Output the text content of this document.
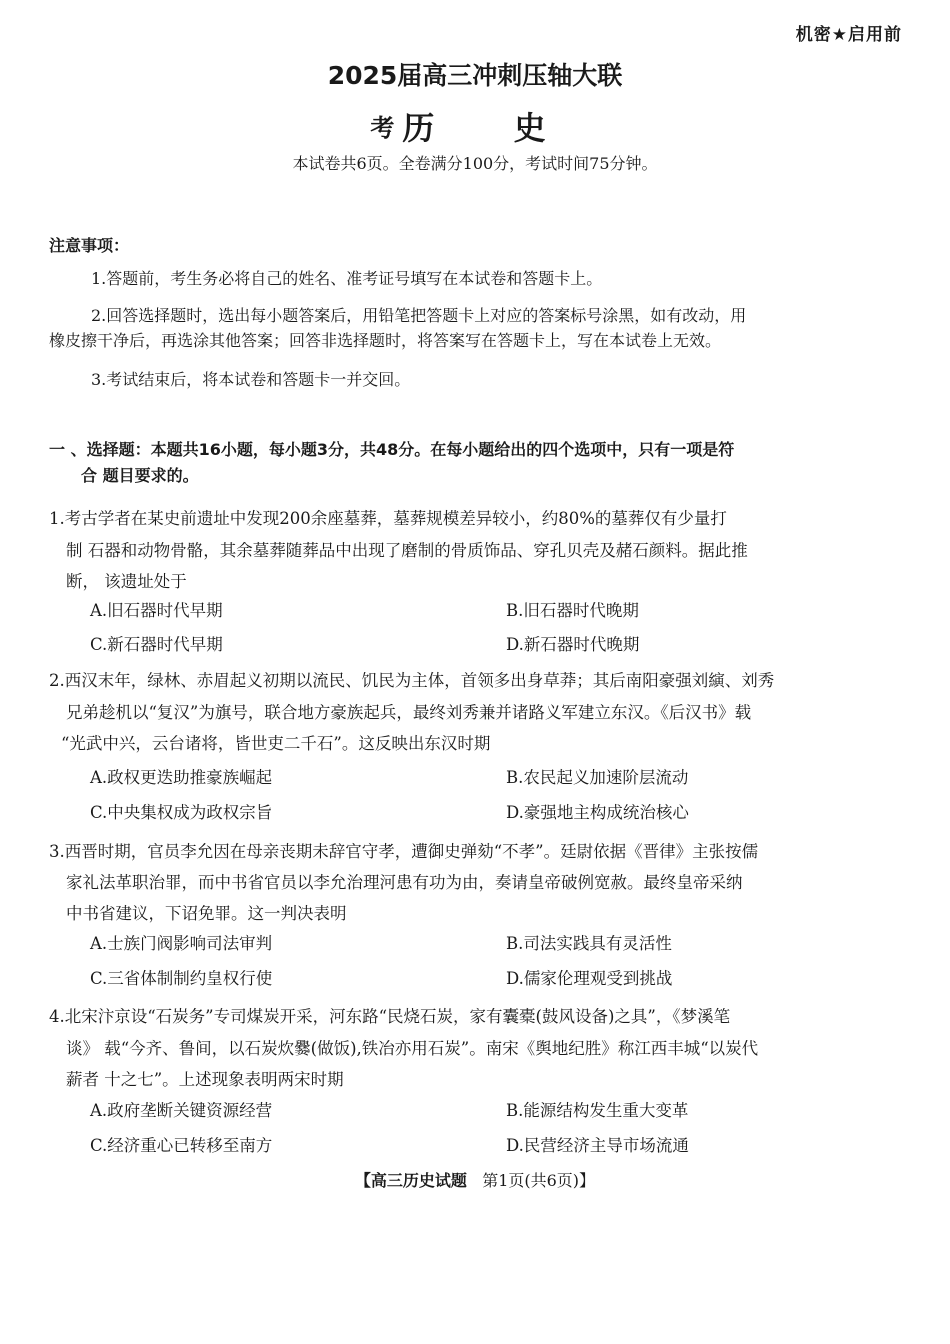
机密★启用前
2025届高三冲刺压轴大联
考 历 史
本试卷共6页。全卷满分100分，考试时间75分钟。
注意事项：
1.答题前，考生务必将自己的姓名、准考证号填写在本试卷和答题卡上。
2.回答选择题时，选出每小题答案后，用铅笔把答题卡上对应的答案标号涂黑，如有改动，用
橡皮擦干净后，再选涂其他答案；回答非选择题时，将答案写在答题卡上，写在本试卷上无效。
3.考试结束后，将本试卷和答题卡一并交回。
一 、选择题：本题共16小题，每小题3分，共48分。在每小题给出的四个选项中，只有一项是符
合 题目要求的。
1.考古学者在某史前遗址中发现200余座墓葬，墓葬规模差异较小，约80%的墓葬仅有少量打
制 石器和动物骨骼，其余墓葬随葬品中出现了磨制的骨质饰品、穿孔贝壳及赭石颜料。据此推
断， 该遗址处于
A.旧石器时代早期	B.旧石器时代晚期
C.新石器时代早期	D.新石器时代晚期
2.西汉末年，绿林、赤眉起义初期以流民、饥民为主体，首领多出身草莽；其后南阳豪强刘縯、刘秀
兄弟趁机以“复汉”为旗号，联合地方豪族起兵，最终刘秀兼并诸路义军建立东汉。《后汉书》载
“光武中兴，云台诸将，皆世吏二千石”。这反映出东汉时期
A.政权更迭助推豪族崛起	B.农民起义加速阶层流动
C.中央集权成为政权宗旨	D.豪强地主构成统治核心
3.西晋时期，官员李允因在母亲丧期未辞官守孝，遭御史弹劾“不孝”。廷尉依据《晋律》主张按儒
家礼法革职治罪，而中书省官员以李允治理河患有功为由，奏请皇帝破例宽赦。最终皇帝采纳
中书省建议，下诏免罪。这一判决表明
A.士族门阀影响司法审判	B.司法实践具有灵活性
C.三省体制制约皇权行使	D.儒家伦理观受到挑战
4.北宋汴京设“石炭务”专司煤炭开采，河东路“民烧石炭，家有囊橐(鼓风设备)之具”，《梦溪笔
谈》 载“今齐、鲁间，以石炭炊爨(做饭),铁冶亦用石炭”。南宋《舆地纪胜》称江西丰城“以炭代
薪者 十之七”。上述现象表明两宋时期
A.政府垄断关键资源经营	B.能源结构发生重大变革
C.经济重心已转移至南方	D.民营经济主导市场流通
【高三历史试题 第1页(共6页)】
